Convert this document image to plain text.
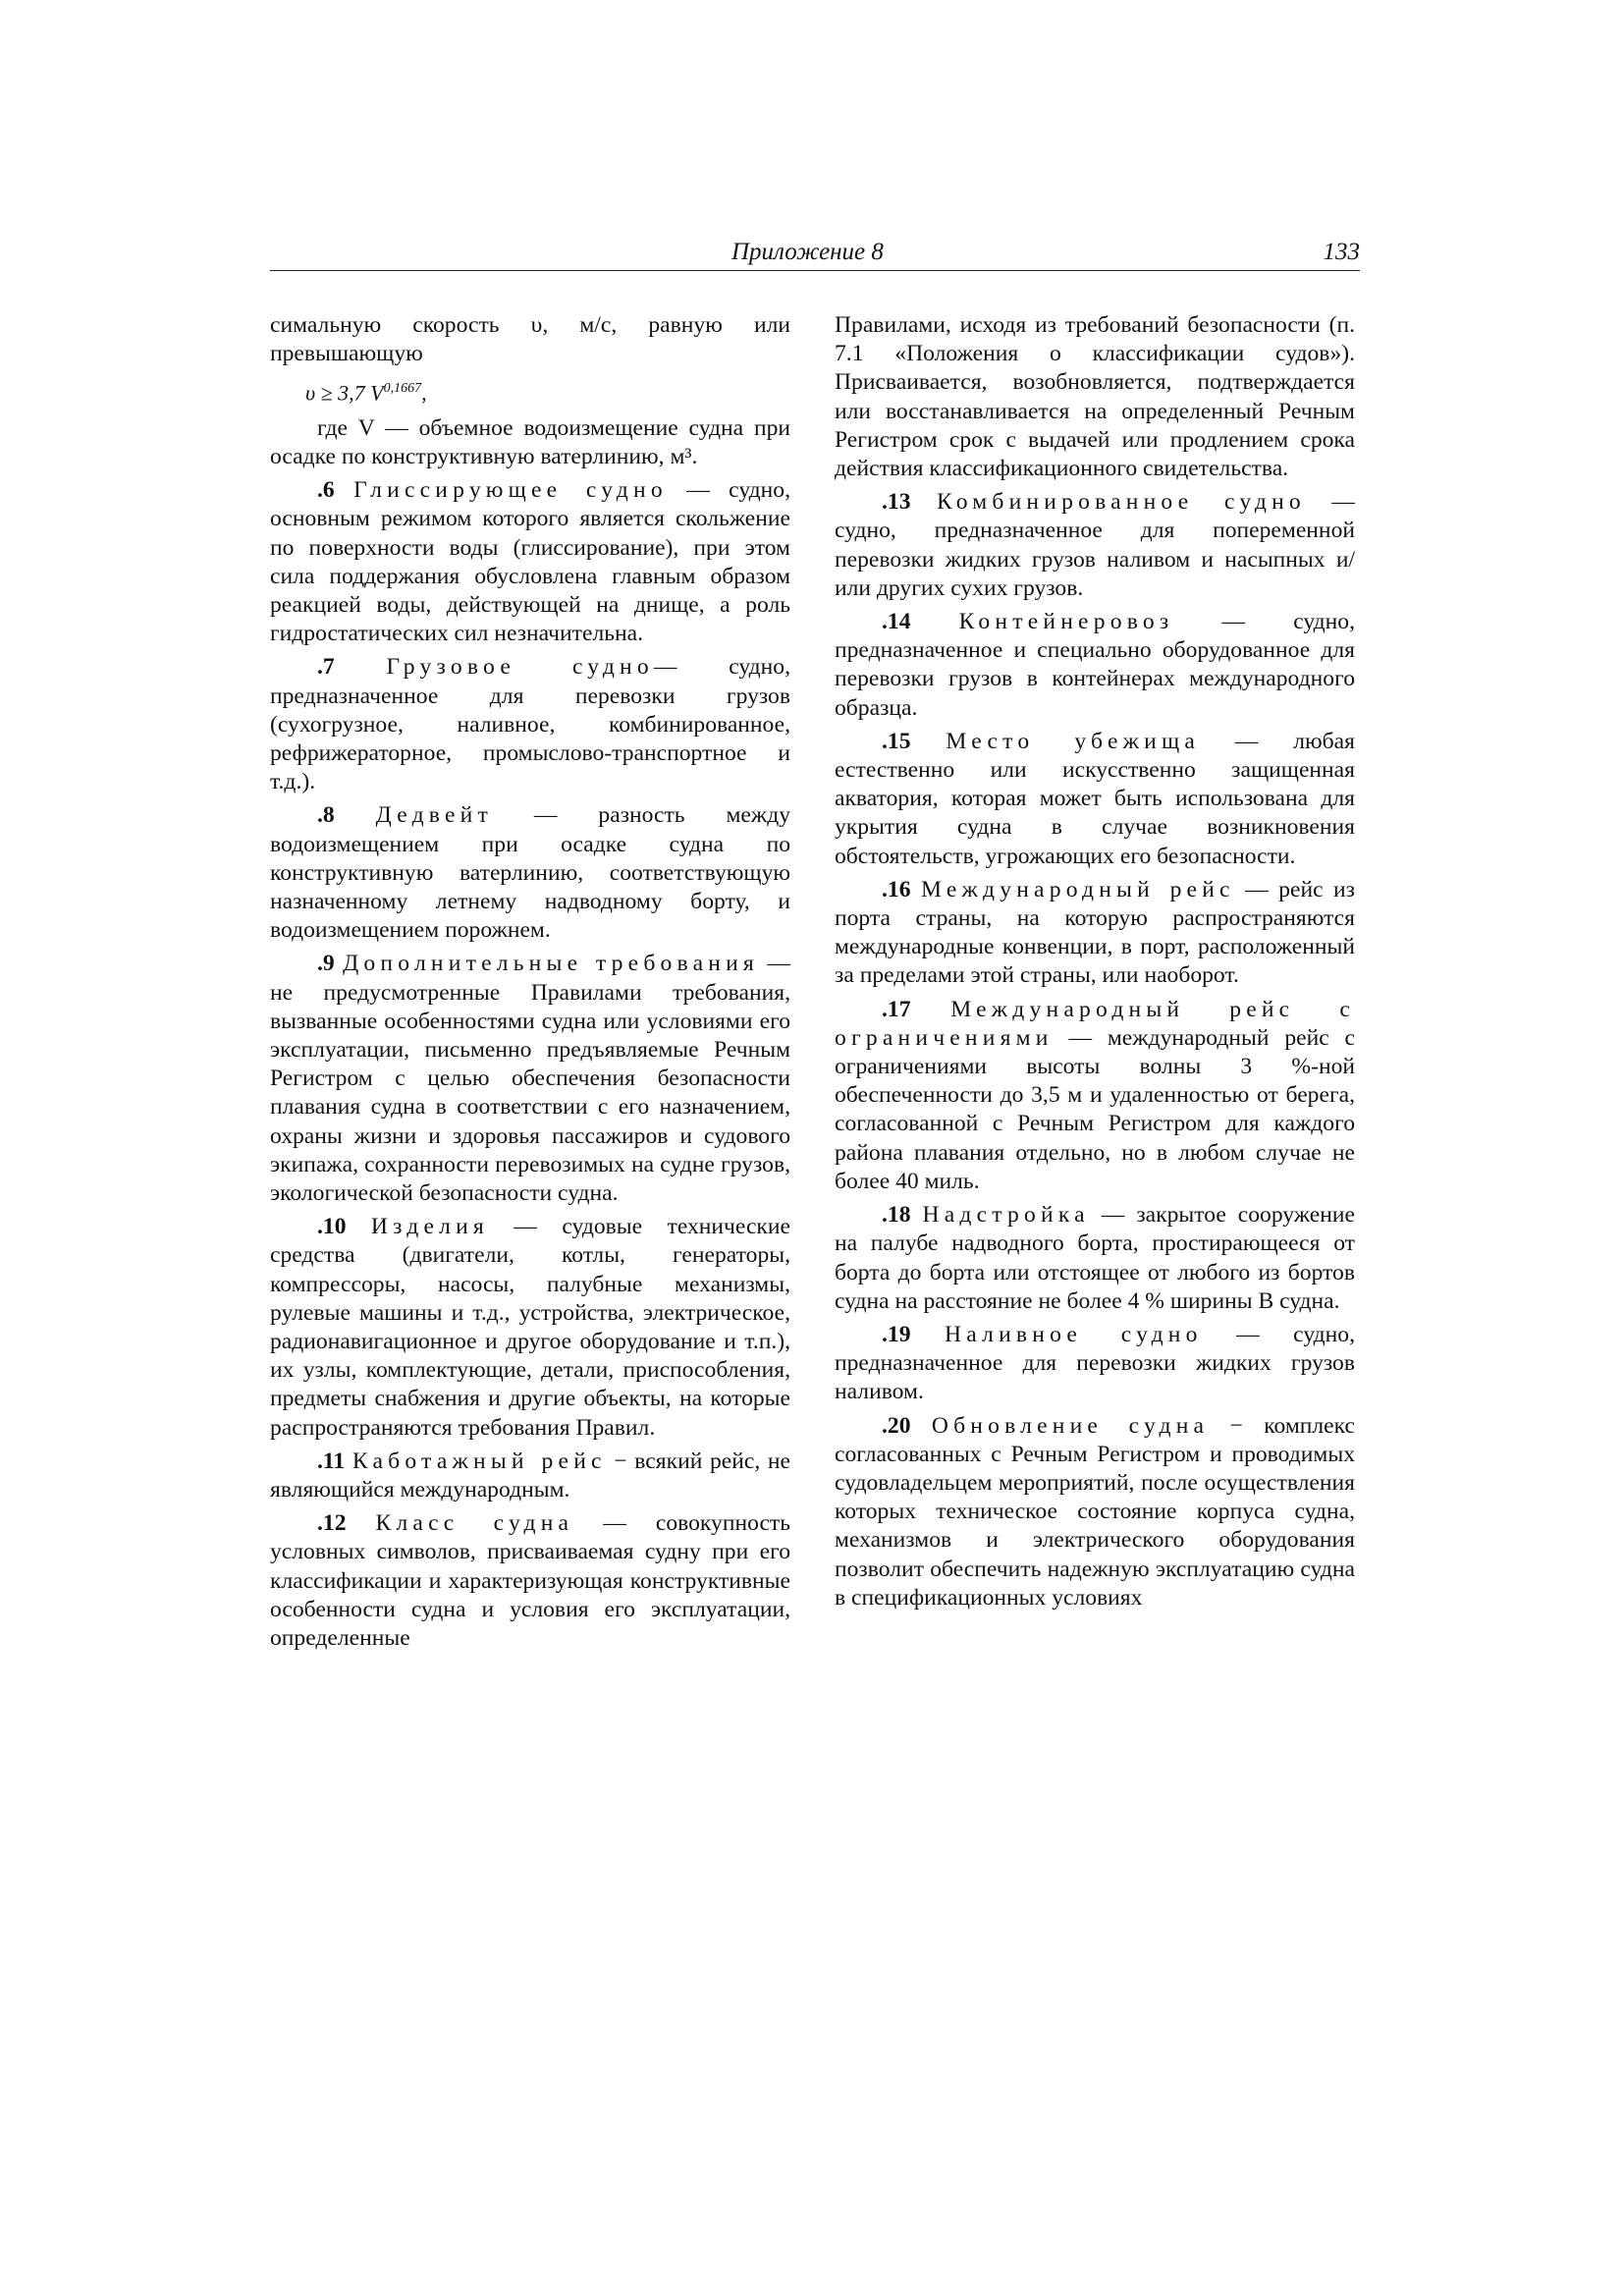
Приложение 8	133

симальную скорость υ, м/с, равную или превышающую

υ ≥ 3,7 $V^{0,1667}$,

где V — объемное водоизмещение судна при осадке по конструктивную ватерлинию, м³.

.6 Глиссирующее судно — судно, основным режимом которого является скольжение по поверхности воды (глиссирование), при этом сила поддержания обусловлена главным образом реакцией воды, действующей на днище, а роль гидростатических сил незначительна.

.7 Грузовое судно— судно, предназначенное для перевозки грузов (сухогрузное, наливное, комбинированное, рефрижераторное, промыслово-транспортное и т.д.).

.8 Дедвейт — разность между водоизмещением при осадке судна по конструктивную ватерлинию, соответствующую назначенному летнему надводному борту, и водоизмещением порожнем.

.9 Дополнительные требования — не предусмотренные Правилами требования, вызванные особенностями судна или условиями его эксплуатации, письменно предъявляемые Речным Регистром с целью обеспечения безопасности плавания судна в соответствии с его назначением, охраны жизни и здоровья пассажиров и судового экипажа, сохранности перевозимых на судне грузов, экологической безопасности судна.

.10 Изделия — судовые технические средства (двигатели, котлы, генераторы, компрессоры, насосы, палубные механизмы, рулевые машины и т.д., устройства, электрическое, радионавигационное и другое оборудование и т.п.), их узлы, комплектующие, детали, приспособления, предметы снабжения и другие объекты, на которые распространяются требования Правил.

.11 Каботажный рейс − всякий рейс, не являющийся международным.

.12 Класс судна — совокупность условных символов, присваиваемая судну при его классификации и характеризующая конструктивные особенности судна и условия его эксплуатации, определенные

Правилами, исходя из требований безопасности (п. 7.1 «Положения о классификации судов»). Присваивается, возобновляется, подтверждается или восстанавливается на определенный Речным Регистром срок с выдачей или продлением срока действия классификационного свидетельства.

.13 Комбинированное судно — судно, предназначенное для попеременной перевозки жидких грузов наливом и насыпных и/или других сухих грузов.

.14 Контейнеровоз — судно, предназначенное и специально оборудованное для перевозки грузов в контейнерах международного образца.

.15 Место убежища — любая естественно или искусственно защищенная акватория, которая может быть использована для укрытия судна в случае возникновения обстоятельств, угрожающих его безопасности.

.16 Международный рейс — рейс из порта страны, на которую распространяются международные конвенции, в порт, расположенный за пределами этой страны, или наоборот.

.17 Международный рейс с ограничениями — международный рейс с ограничениями высоты волны 3 %-ной обеспеченности до 3,5 м и удаленностью от берега, согласованной с Речным Регистром для каждого района плавания отдельно, но в любом случае не более 40 миль.

.18 Надстройка — закрытое сооружение на палубе надводного борта, простирающееся от борта до борта или отстоящее от любого из бортов судна на расстояние не более 4 % ширины В судна.

.19 Наливное судно — судно, предназначенное для перевозки жидких грузов наливом.

.20 Обновление судна − комплекс согласованных с Речным Регистром и проводимых судовладельцем мероприятий, после осуществления которых техническое состояние корпуса судна, механизмов и электрического оборудования позволит обеспечить надежную эксплуатацию судна в спецификационных условиях
